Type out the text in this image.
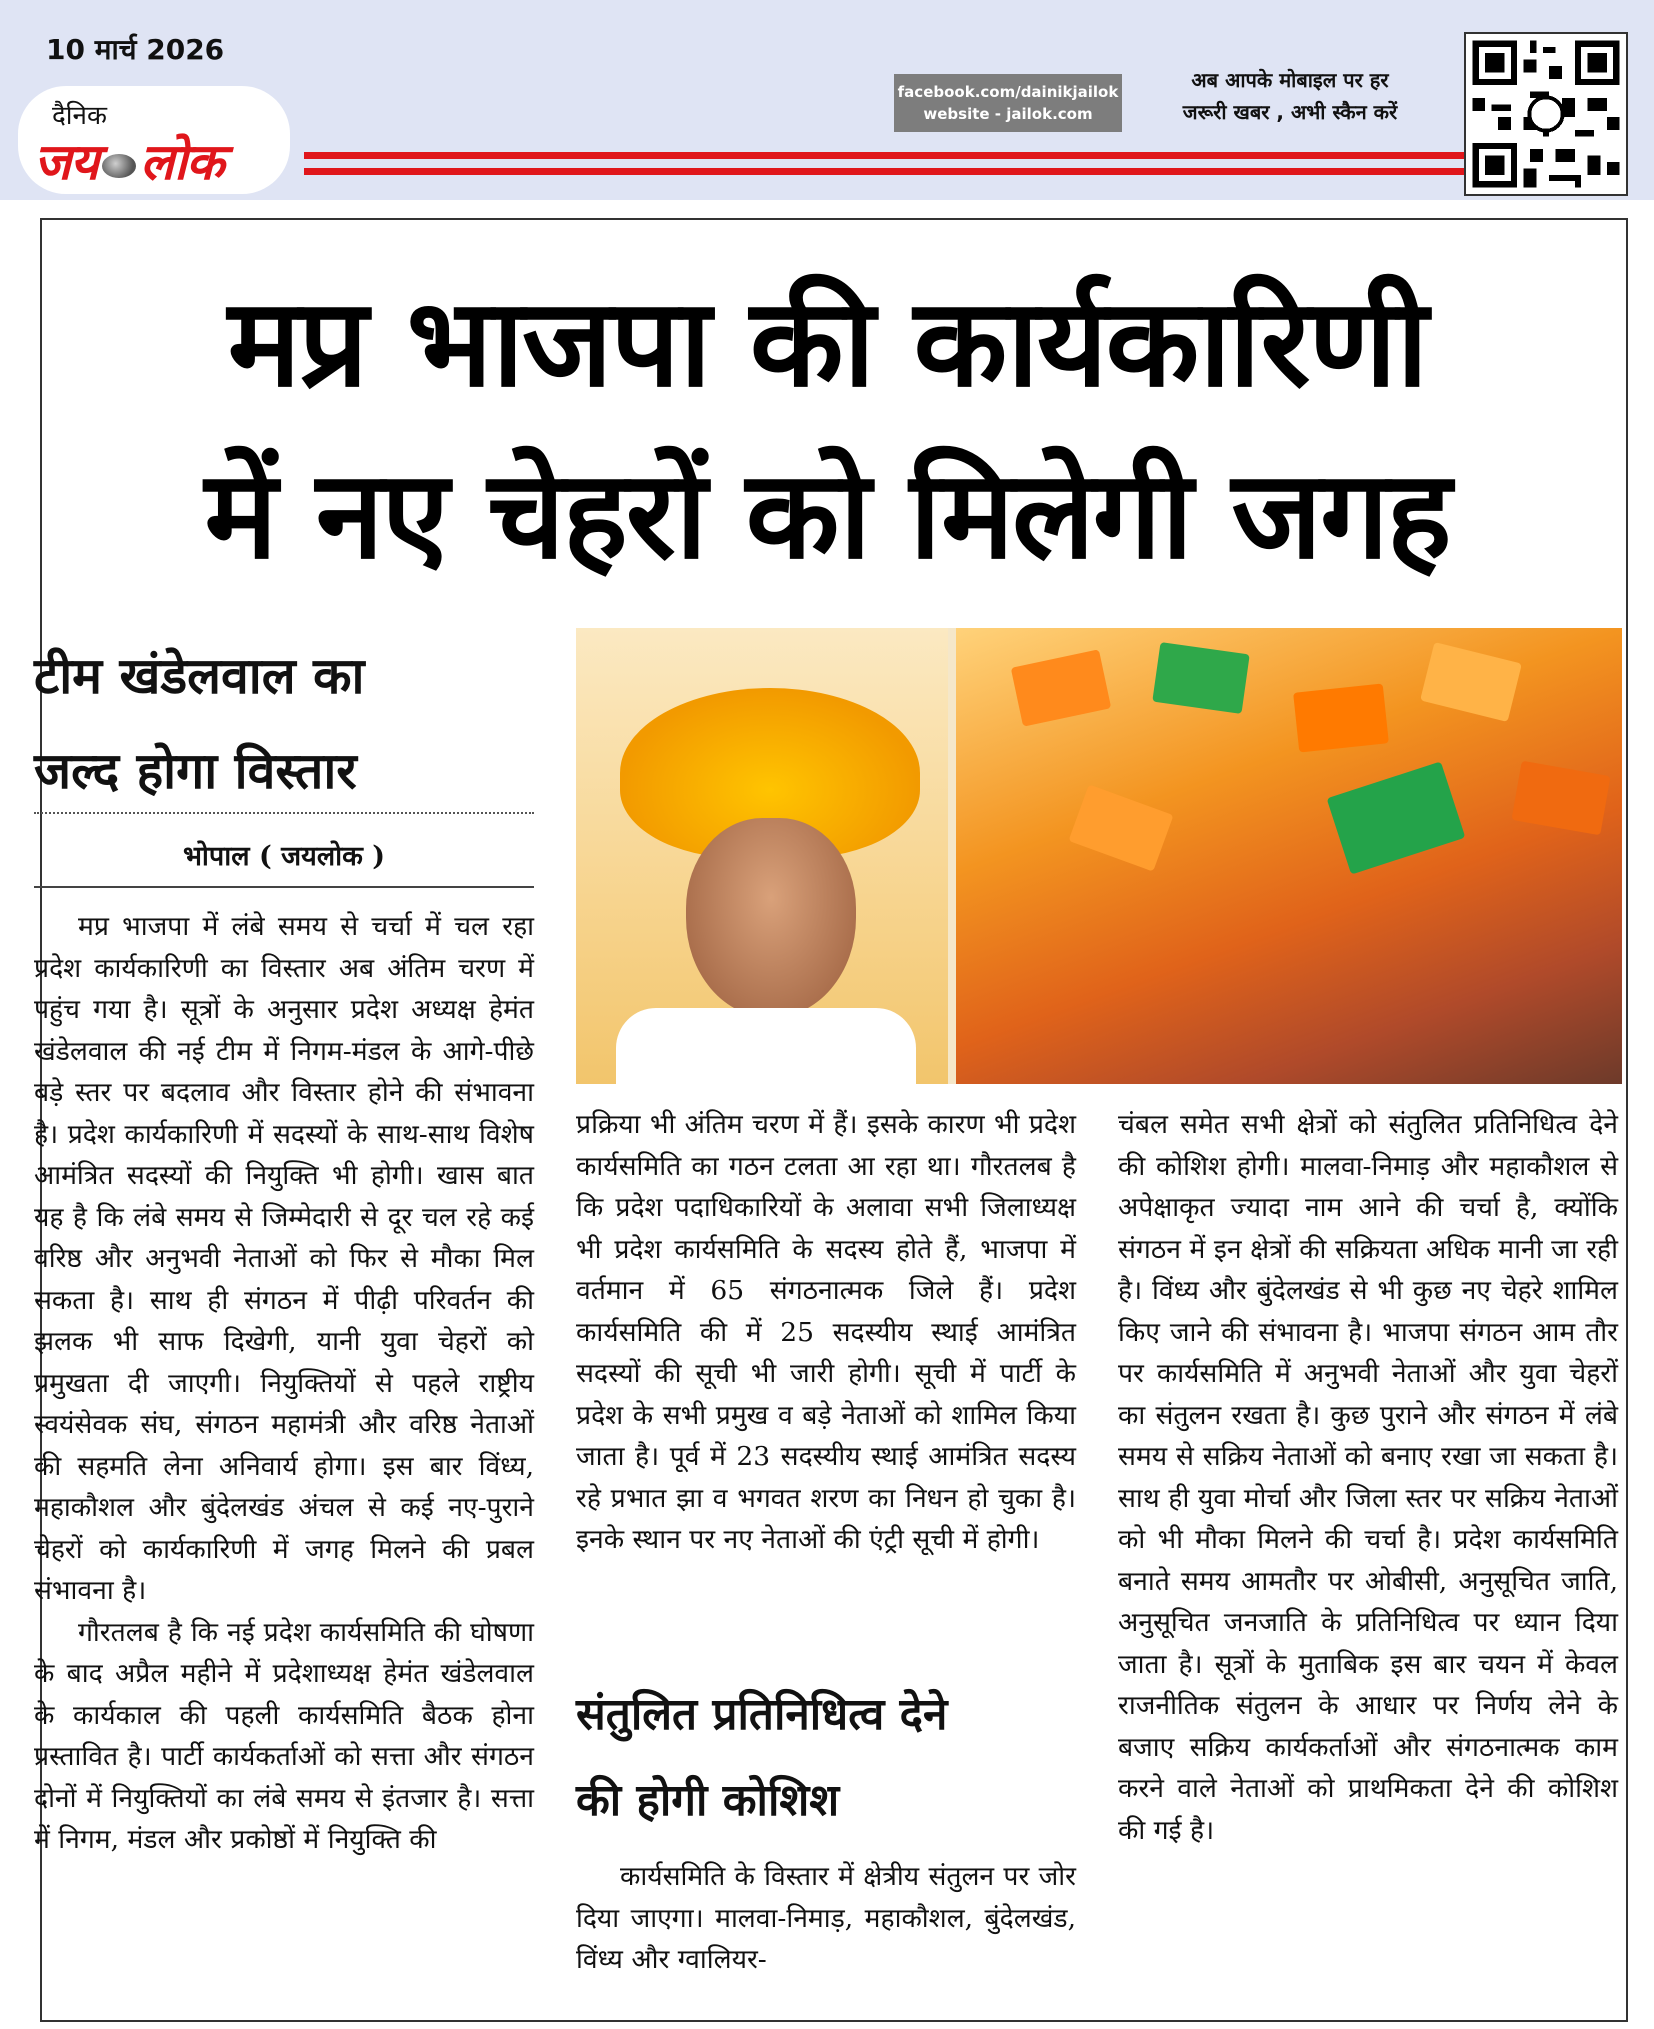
10 मार्च 2026
दैनिक
जय लोक
facebook.com/dainikjailok
website - jailok.com
अब आपके मोबाइल पर हर
जरूरी खबर , अभी स्कैन करें
मप्र भाजपा की कार्यकारिणी
में नए चेहरों को मिलेगी जगह
टीम खंडेलवाल का
जल्द होगा विस्तार
भोपाल ( जयलोक )

मप्र भाजपा में लंबे समय से चर्चा में चल रहा प्रदेश कार्यकारिणी का विस्तार अब अंतिम चरण में पहुंच गया है। सूत्रों के अनुसार प्रदेश अध्यक्ष हेमंत खंडेलवाल की नई टीम में निगम-मंडल के आगे-पीछे बड़े स्तर पर बदलाव और विस्तार होने की संभावना है। प्रदेश कार्यकारिणी में सदस्यों के साथ-साथ विशेष आमंत्रित सदस्यों की नियुक्ति भी होगी। खास बात यह है कि लंबे समय से जिम्मेदारी से दूर चल रहे कई वरिष्ठ और अनुभवी नेताओं को फिर से मौका मिल सकता है। साथ ही संगठन में पीढ़ी परिवर्तन की झलक भी साफ दिखेगी, यानी युवा चेहरों को प्रमुखता दी जाएगी। नियुक्तियों से पहले राष्ट्रीय स्वयंसेवक संघ, संगठन महामंत्री और वरिष्ठ नेताओं की सहमति लेना अनिवार्य होगा। इस बार विंध्य, महाकौशल और बुंदेलखंड अंचल से कई नए-पुराने चेहरों को कार्यकारिणी में जगह मिलने की प्रबल संभावना है।

गौरतलब है कि नई प्रदेश कार्यसमिति की घोषणा के बाद अप्रैल महीने में प्रदेशाध्यक्ष हेमंत खंडेलवाल के कार्यकाल की पहली कार्यसमिति बैठक होना प्रस्तावित है। पार्टी कार्यकर्ताओं को सत्ता और संगठन दोनों में नियुक्तियों का लंबे समय से इंतजार है। सत्ता में निगम, मंडल और प्रकोष्ठों में नियुक्ति की

प्रक्रिया भी अंतिम चरण में हैं। इसके कारण भी प्रदेश कार्यसमिति का गठन टलता आ रहा था। गौरतलब है कि प्रदेश पदाधिकारियों के अलावा सभी जिलाध्यक्ष भी प्रदेश कार्यसमिति के सदस्य होते हैं, भाजपा में वर्तमान में 65 संगठनात्मक जिले हैं। प्रदेश कार्यसमिति की में 25 सदस्यीय स्थाई आमंत्रित सदस्यों की सूची भी जारी होगी। सूची में पार्टी के प्रदेश के सभी प्रमुख व बड़े नेताओं को शामिल किया जाता है। पूर्व में 23 सदस्यीय स्थाई आमंत्रित सदस्य रहे प्रभात झा व भगवत शरण का निधन हो चुका है। इनके स्थान पर नए नेताओं की एंट्री सूची में होगी।

संतुलित प्रतिनिधित्व देने
की होगी कोशिश

कार्यसमिति के विस्तार में क्षेत्रीय संतुलन पर जोर दिया जाएगा। मालवा-निमाड़, महाकौशल, बुंदेलखंड, विंध्य और ग्वालियर-

चंबल समेत सभी क्षेत्रों को संतुलित प्रतिनिधित्व देने की कोशिश होगी। मालवा-निमाड़ और महाकौशल से अपेक्षाकृत ज्यादा नाम आने की चर्चा है, क्योंकि संगठन में इन क्षेत्रों की सक्रियता अधिक मानी जा रही है। विंध्य और बुंदेलखंड से भी कुछ नए चेहरे शामिल किए जाने की संभावना है। भाजपा संगठन आम तौर पर कार्यसमिति में अनुभवी नेताओं और युवा चेहरों का संतुलन रखता है। कुछ पुराने और संगठन में लंबे समय से सक्रिय नेताओं को बनाए रखा जा सकता है। साथ ही युवा मोर्चा और जिला स्तर पर सक्रिय नेताओं को भी मौका मिलने की चर्चा है। प्रदेश कार्यसमिति बनाते समय आमतौर पर ओबीसी, अनुसूचित जाति, अनुसूचित जनजाति के प्रतिनिधित्व पर ध्यान दिया जाता है। सूत्रों के मुताबिक इस बार चयन में केवल राजनीतिक संतुलन के आधार पर निर्णय लेने के बजाए सक्रिय कार्यकर्ताओं और संगठनात्मक काम करने वाले नेताओं को प्राथमिकता देने की कोशिश की गई है।
